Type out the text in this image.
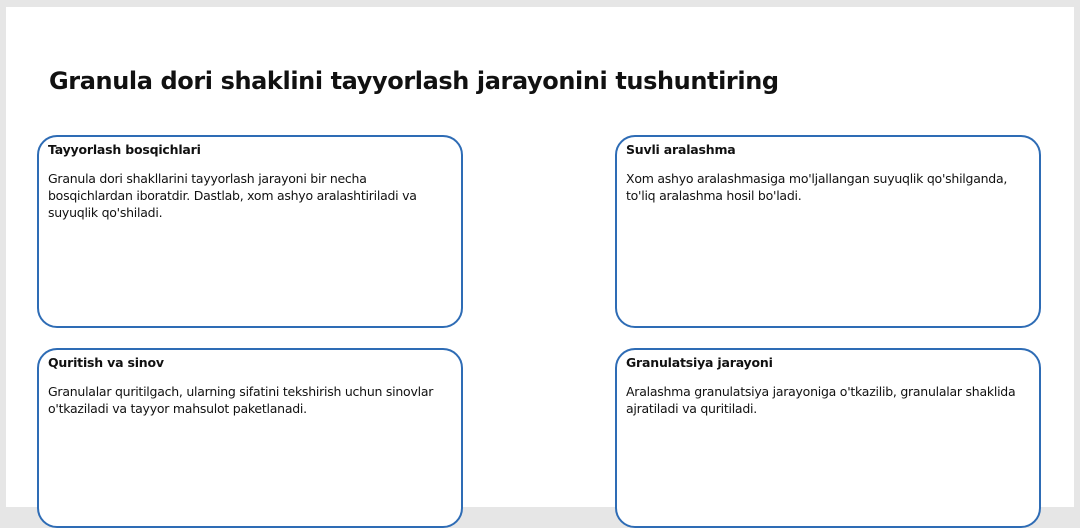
Granula dori shaklini tayyorlash jarayonini tushuntiring
Tayyorlash bosqichlari
Granula dori shakllarini tayyorlash jarayoni bir necha bosqichlardan iboratdir. Dastlab, xom ashyo aralashtiriladi va suyuqlik qo'shiladi.
Suvli aralashma
Xom ashyo aralashmasiga mo'ljallangan suyuqlik qo'shilganda, to'liq aralashma hosil bo'ladi.
Quritish va sinov
Granulalar quritilgach, ularning sifatini tekshirish uchun sinovlar o'tkaziladi va tayyor mahsulot paketlanadi.
Granulatsiya jarayoni
Aralashma granulatsiya jarayoniga o'tkazilib, granulalar shaklida ajratiladi va quritiladi.
